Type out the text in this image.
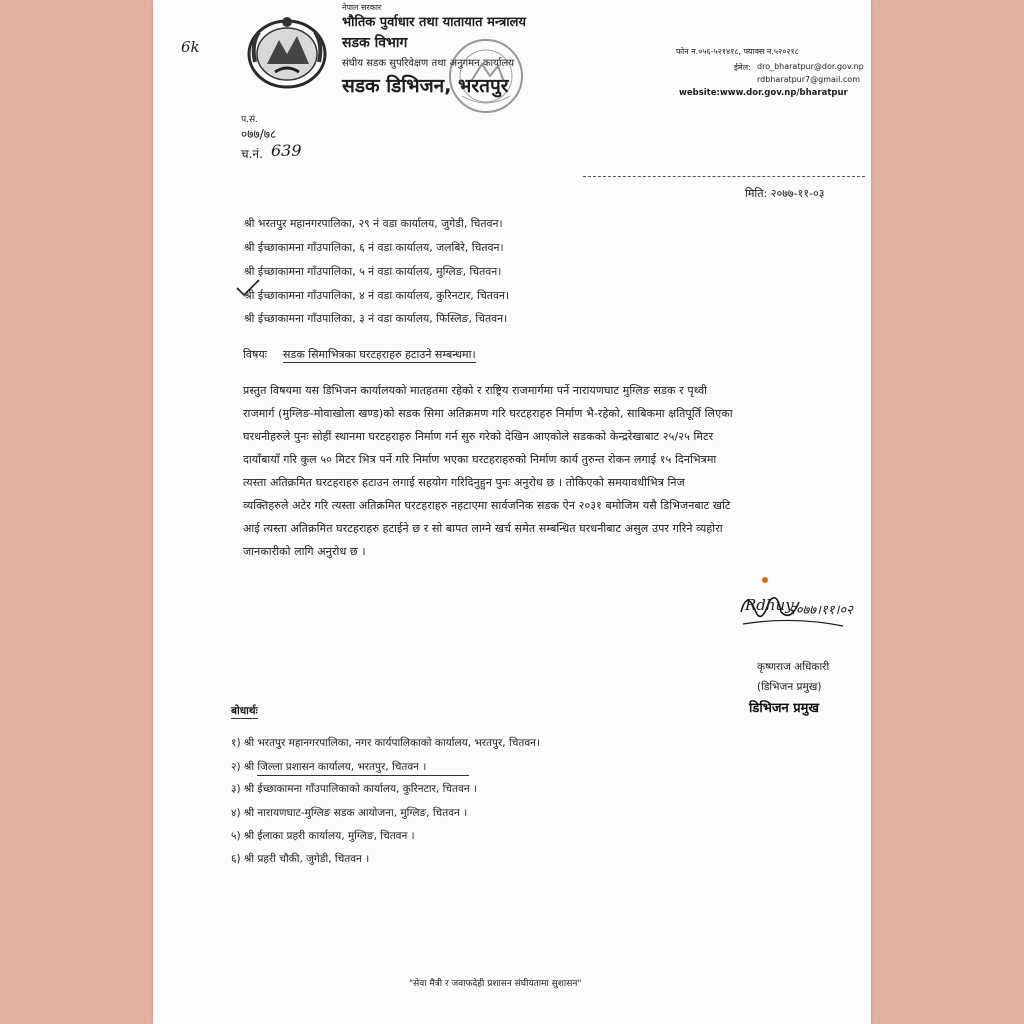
नेपाल सरकार
भौतिक पुर्वाधार तथा यातायात मन्त्रालय
सडक विभाग
संघीय सडक सुपरिवेक्षण तथा अनुगमन कार्यालय
सडक डिभिजन, भरतपुर
फोन न.०५६-५२१४१८, फ्याक्स न.५२०२१८
ईमेल: dro_bharatpur@dor.gov.np
rdbharatpur7@gmail.com
website:www.dor.gov.np/bharatpur
6k
प.सं.
०७७/७८
च.नं. 639
मिति: २०७७-११-०३
श्री भरतपुर महानगरपालिका, २९ नं वडा कार्यालय, जुगेडी, चितवन।
श्री ईच्छाकामना गाँउपालिका, ६ नं वडा कार्यालय, जलबिरे, चितवन।
श्री ईच्छाकामना गाँउपालिका, ५ नं वडा कार्यालय, मुग्लिङ, चितवन।
श्री ईच्छाकामना गाँउपालिका, ४ नं वडा कार्यालय, कुरिनटार, चितवन।
श्री ईच्छाकामना गाँउपालिका, ३ नं वडा कार्यालय, फिस्लिङ, चितवन।
विषयः सडक सिमाभित्रका घरटहराहरु हटाउने सम्बन्धमा।
प्रस्तुत विषयमा यस डिभिजन कार्यालयको मातहतमा रहेको र राष्ट्रिय राजमार्गमा पर्ने नारायणघाट मुग्लिङ सडक र पृथ्वी
राजमार्ग (मुग्लिङ-मोवाखोला खण्ड)को सडक सिमा अतिक्रमण गरि घरटहराहरु निर्माण भै-रहेको, साबिकमा क्षतिपूर्ति लिएका
घरधनीहरुले पुनः सोहीं स्थानमा घरटहराहरु निर्माण गर्न सुरु गरेको देखिन आएकोले सडकको केन्द्ररेखाबाट २५/२५ मिटर
दायाँबायाँ गरि कुल ५० मिटर भित्र पर्ने गरि निर्माण भएका घरटहराहरुको निर्माण कार्य तुरुन्त रोकन लगाई १५ दिनभित्रमा
त्यस्ता अतिक्रमित घरटहराहरु हटाउन लगाई सहयोग गरिदिनुहुन पुनः अनुरोध छ । तोकिएको समयावधीभित्र निज
व्यक्तिहरुले अटेर गरि त्यस्ता अतिक्रमित घरटहराहरु नहटाएमा सार्वजनिक सडक ऐन २०३१ बमोजिम यसै डिभिजनबाट खटि
आई त्यस्ता अतिक्रमित घरटहराहरु हटाईने छ र सो बापत लाग्ने खर्च समेत सम्बन्धित घरधनीबाट असुल उपर गरिने व्यहोरा
जानकारीको लागि अनुरोध छ ।
Rdhuy
२०७७।११।०२
कृष्णराज अधिकारी
(डिभिजन प्रमुख)
डिभिजन प्रमुख
बोधार्थः
१) श्री भरतपुर महानगरपालिका, नगर कार्यपालिकाको कार्यालय, भरतपुर, चितवन।
२) श्री जिल्ला प्रशासन कार्यालय, भरतपुर, चितवन ।
३) श्री ईच्छाकामना गाँउपालिकाको कार्यालय, कुरिनटार, चितवन ।
४) श्री नारायणघाट-मुग्लिङ सडक आयोजना, मुग्लिङ, चितवन ।
५) श्री ईलाका प्रहरी कार्यालय, मुग्लिङ, चितवन ।
६) श्री प्रहरी चौकी, जुगेडी, चितवन ।
"सेवा मैत्री र जवाफदेही प्रशासन संघीयतामा सुशासन"
